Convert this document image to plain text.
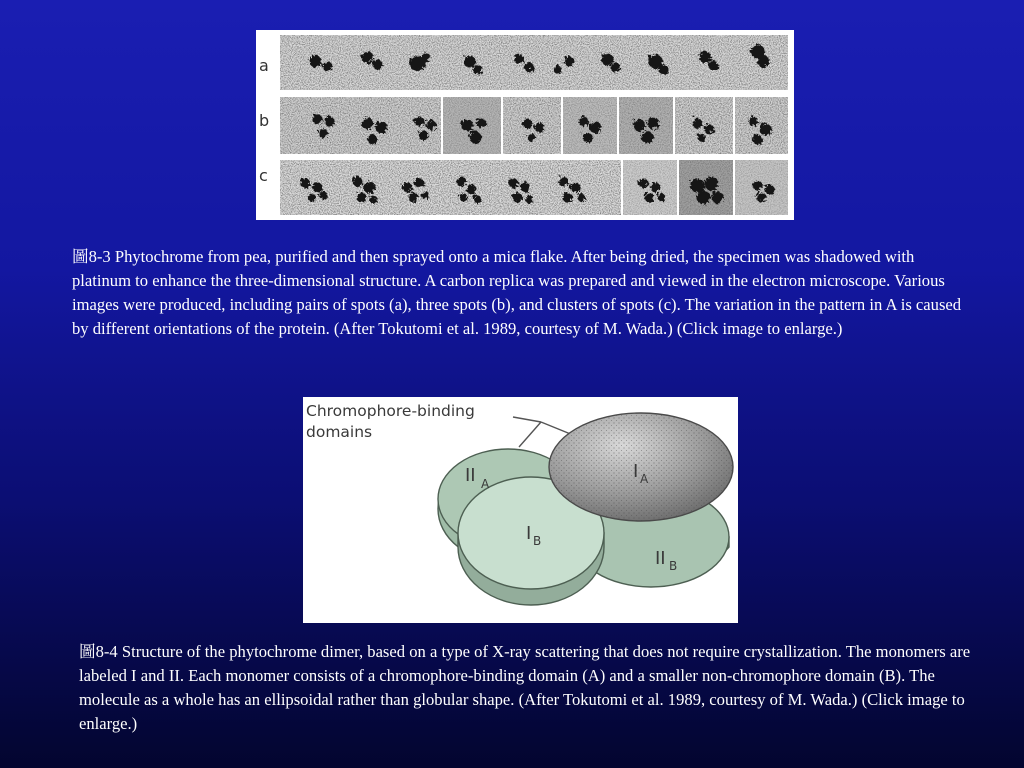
a
b
c

圖8-3 Phytochrome from pea, purified and then sprayed onto a mica flake. After being dried, the specimen was shadowed with platinum to enhance the three-dimensional structure. A carbon replica was prepared and viewed in the electron microscope. Various images were produced, including pairs of spots (a), three spots (b), and clusters of spots (c). The variation in the pattern in A is caused by different orientations of the protein. (After Tokutomi et al. 1989, courtesy of M. Wada.) (Click image to enlarge.)

Chromophore-binding
domains
II A
I A
I B
II B

圖8-4 Structure of the phytochrome dimer, based on a type of X-ray scattering that does not require crystallization. The monomers are labeled I and II. Each monomer consists of a chromophore-binding domain (A) and a smaller non-chromophore domain (B). The molecule as a whole has an ellipsoidal rather than globular shape. (After Tokutomi et al. 1989, courtesy of M. Wada.) (Click image to enlarge.)
